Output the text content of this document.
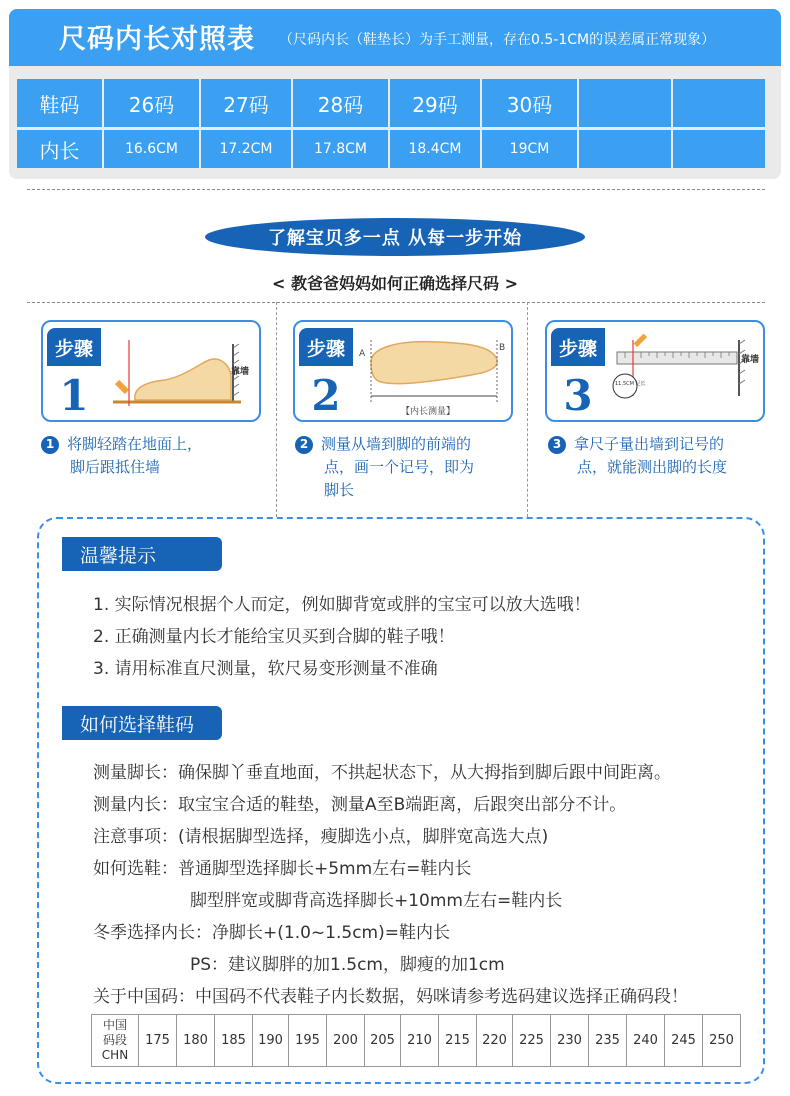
尺码内长对照表 （尺码内长（鞋垫长）为手工测量，存在0.5-1CM的误差属正常现象）
鞋码	26码	27码	28码	29码	30码
内长	16.6CM	17.2CM	17.8CM	18.4CM	19CM
了解宝贝多一点 从每一步开始
< 教爸爸妈妈如何正确选择尺码 >
步骤
1	靠墙
1 将脚轻踏在地面上，
脚后跟抵住墙
步骤
2
A
B
【内长测量】
2 测量从墙到脚的前端的
点，画一个记号，即为
脚长
步骤
3	11.5CM 足长
靠墙
3 拿尺子量出墙到记号的
点，就能测出脚的长度
温馨提示
1. 实际情况根据个人而定，例如脚背宽或胖的宝宝可以放大选哦！
2. 正确测量内长才能给宝贝买到合脚的鞋子哦！
3. 请用标准直尺测量，软尺易变形测量不准确
如何选择鞋码
测量脚长：确保脚丫垂直地面，不拱起状态下，从大拇指到脚后跟中间距离。
测量内长：取宝宝合适的鞋垫，测量A至B端距离，后跟突出部分不计。
注意事项：(请根据脚型选择，瘦脚选小点，脚胖宽高选大点)
如何选鞋：普通脚型选择脚长+5mm左右=鞋内长
脚型胖宽或脚背高选择脚长+10mm左右=鞋内长
冬季选择内长：净脚长+(1.0~1.5cm)=鞋内长
PS：建议脚胖的加1.5cm，脚瘦的加1cm
关于中国码：中国码不代表鞋子内长数据，妈咪请参考选码建议选择正确码段！
中国
码段
CHN
	175	180	185	190	195	200	205	210	215	220	225	230	235	240	245	250
